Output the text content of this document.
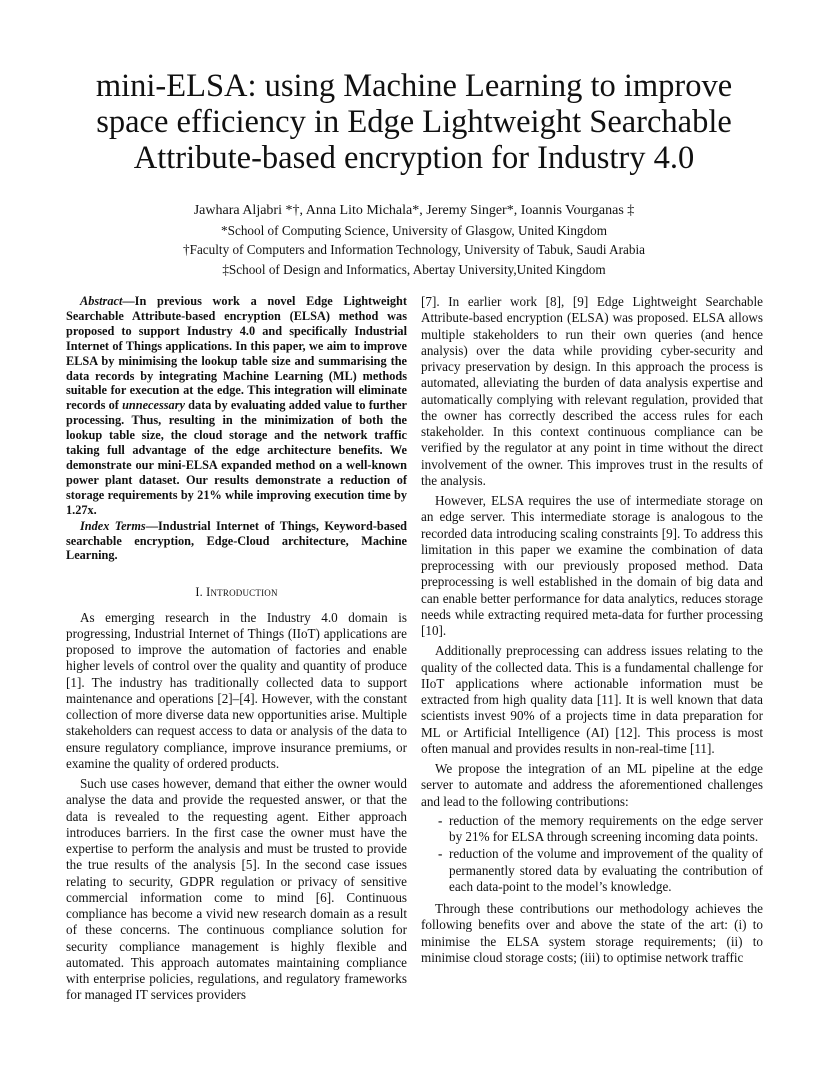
mini-ELSA: using Machine Learning to improve
space efficiency in Edge Lightweight Searchable
Attribute-based encryption for Industry 4.0
Jawhara Aljabri *†, Anna Lito Michala*, Jeremy Singer*, Ioannis Vourganas ‡
*School of Computing Science, University of Glasgow, United Kingdom
†Faculty of Computers and Information Technology, University of Tabuk, Saudi Arabia
‡School of Design and Informatics, Abertay University,United Kingdom

Abstract—In previous work a novel Edge Lightweight Searchable Attribute-based encryption (ELSA) method was proposed to support Industry 4.0 and specifically Industrial Internet of Things applications. In this paper, we aim to improve ELSA by minimising the lookup table size and summarising the data records by integrating Machine Learning (ML) methods suitable for execution at the edge. This integration will eliminate records of unnecessary data by evaluating added value to further processing. Thus, resulting in the minimization of both the lookup table size, the cloud storage and the network traffic taking full advantage of the edge architecture benefits. We demonstrate our mini-ELSA expanded method on a well-known power plant dataset. Our results demonstrate a reduction of storage requirements by 21% while improving execution time by 1.27x.

Index Terms—Industrial Internet of Things, Keyword-based searchable encryption, Edge-Cloud architecture, Machine Learning.

I. Introduction

As emerging research in the Industry 4.0 domain is progressing, Industrial Internet of Things (IIoT) applications are proposed to improve the automation of factories and enable higher levels of control over the quality and quantity of produce [1]. The industry has traditionally collected data to support maintenance and operations [2]–[4]. However, with the constant collection of more diverse data new opportunities arise. Multiple stakeholders can request access to data or analysis of the data to ensure regulatory compliance, improve insurance premiums, or examine the quality of ordered products.

Such use cases however, demand that either the owner would analyse the data and provide the requested answer, or that the data is revealed to the requesting agent. Either approach introduces barriers. In the first case the owner must have the expertise to perform the analysis and must be trusted to provide the true results of the analysis [5]. In the second case issues relating to security, GDPR regulation or privacy of sensitive commercial information come to mind [6]. Continuous compliance has become a vivid new research domain as a result of these concerns. The continuous compliance solution for security compliance management is highly flexible and automated. This approach automates maintaining compliance with enterprise policies, regulations, and regulatory frameworks for managed IT services providers

[7]. In earlier work [8], [9] Edge Lightweight Searchable Attribute-based encryption (ELSA) was proposed. ELSA allows multiple stakeholders to run their own queries (and hence analysis) over the data while providing cyber-security and privacy preservation by design. In this approach the process is automated, alleviating the burden of data analysis expertise and automatically complying with relevant regulation, provided that the owner has correctly described the access rules for each stakeholder. In this context continuous compliance can be verified by the regulator at any point in time without the direct involvement of the owner. This improves trust in the results of the analysis.

However, ELSA requires the use of intermediate storage on an edge server. This intermediate storage is analogous to the recorded data introducing scaling constraints [9]. To address this limitation in this paper we examine the combination of data preprocessing with our previously proposed method. Data preprocessing is well established in the domain of big data and can enable better performance for data analytics, reduces storage needs while extracting required meta-data for further processing [10].

Additionally preprocessing can address issues relating to the quality of the collected data. This is a fundamental challenge for IIoT applications where actionable information must be extracted from high quality data [11]. It is well known that data scientists invest 90% of a projects time in data preparation for ML or Artificial Intelligence (AI) [12]. This process is most often manual and provides results in non-real-time [11].

We propose the integration of an ML pipeline at the edge server to automate and address the aforementioned challenges and lead to the following contributions:

- reduction of the memory requirements on the edge server by 21% for ELSA through screening incoming data points.
- reduction of the volume and improvement of the quality of permanently stored data by evaluating the contribution of each data-point to the model’s knowledge.

Through these contributions our methodology achieves the following benefits over and above the state of the art: (i) to minimise the ELSA system storage requirements; (ii) to minimise cloud storage costs; (iii) to optimise network traffic
